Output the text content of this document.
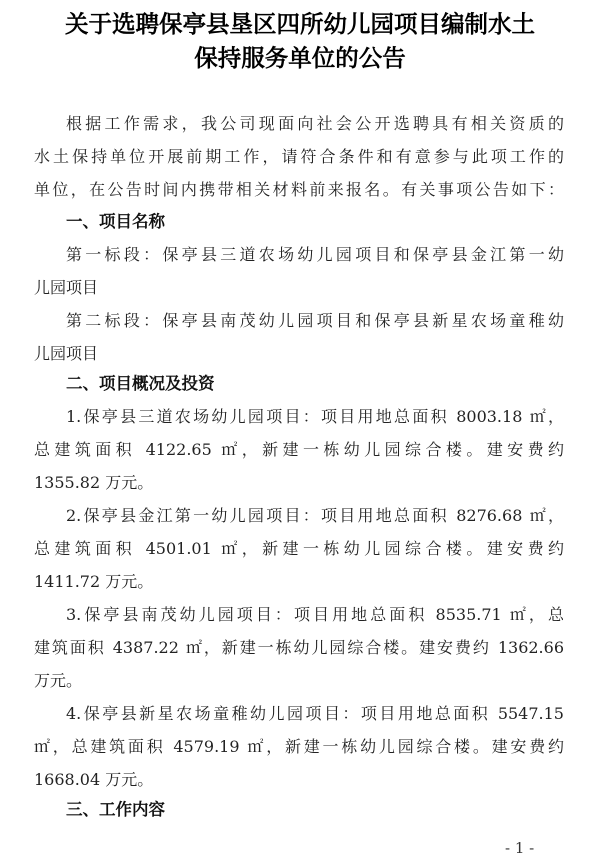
关于选聘保亭县垦区四所幼儿园项目编制水土
保持服务单位的公告
根据工作需求，我公司现面向社会公开选聘具有相关资质的
水土保持单位开展前期工作，请符合条件和有意参与此项工作的
单位，在公告时间内携带相关材料前来报名。有关事项公告如下：
一、项目名称
第一标段：保亭县三道农场幼儿园项目和保亭县金江第一幼
儿园项目
第二标段：保亭县南茂幼儿园项目和保亭县新星农场童稚幼
儿园项目
二、项目概况及投资
1.保亭县三道农场幼儿园项目：项目用地总面积 8003.18 ㎡，
总建筑面积 4122.65 ㎡，新建一栋幼儿园综合楼。建安费约
1355.82 万元。
2.保亭县金江第一幼儿园项目：项目用地总面积 8276.68 ㎡，
总建筑面积 4501.01 ㎡，新建一栋幼儿园综合楼。建安费约
1411.72 万元。
3.保亭县南茂幼儿园项目：项目用地总面积 8535.71 ㎡，总
建筑面积 4387.22 ㎡，新建一栋幼儿园综合楼。建安费约 1362.66
万元。
4.保亭县新星农场童稚幼儿园项目：项目用地总面积 5547.15
㎡，总建筑面积 4579.19 ㎡，新建一栋幼儿园综合楼。建安费约
1668.04 万元。
三、工作内容
- 1 -
